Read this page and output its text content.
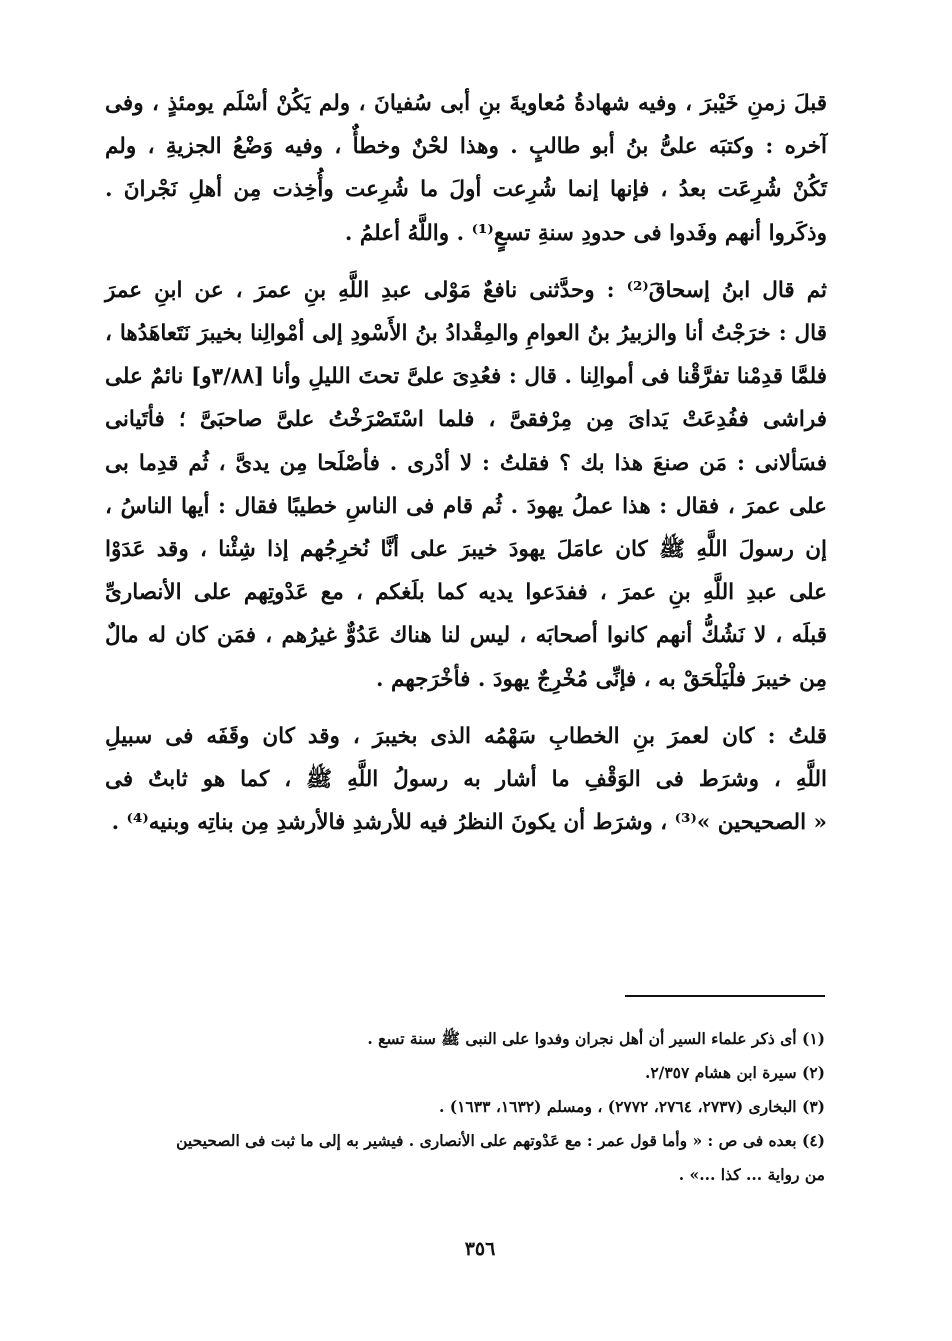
قبلَ زمنِ خَيْبرَ ، وفيه شهادةُ مُعاويةَ بنِ أبى سُفيانَ ، ولم يَكُنْ أسْلَم يومئذٍ ، وفى
آخره : وكتبَه علىُّ بنُ أبو طالبٍ . وهذا لحْنٌ وخطأٌ ، وفيه وَضْعُ الجزيةِ ، ولم
تَكُنْ شُرِعَت بعدُ ، فإنها إنما شُرِعت أولَ ما شُرِعت وأُخِذت مِن أهلِ نَجْرانَ .
وذكَروا أنهم وفَدوا فى حدودِ سنةِ تسعٍ⁽¹⁾ . واللَّهُ أعلمُ .

ثم قال ابنُ إسحاقَ⁽²⁾ : وحدَّثنى نافعٌ مَوْلى عبدِ اللَّهِ بنِ عمرَ ، عن ابنِ عمرَ
قال : خرَجْتُ أنا والزبيرُ بنُ العوامِ والمِقْدادُ بنُ الأَسْودِ إلى أمْوالِنا بخيبرَ نَتَعاهَدُها ،
فلمَّا قدِمْنا تفرَّقْنا فى أموالِنا . قال : فعُدِىَ علىَّ تحتَ الليلِ وأنا [٣/٨٨و] نائمٌ على
فراشى ففُدِعَتْ يَداىَ مِن مِرْفقىَّ ، فلما اسْتَصْرَخْتُ علىَّ صاحبَىَّ ؛ فأتَيانى
فسَألانى : مَن صنعَ هذا بك ؟ فقلتُ : لا أدْرى . فأصْلَحا مِن يدىَّ ، ثُم قدِما بى
على عمرَ ، فقال : هذا عملُ يهودَ . ثُم قام فى الناسِ خطيبًا فقال : أيها الناسُ ،
إن رسولَ اللَّهِ ﷺ كان عامَلَ يهودَ خيبرَ على أنَّا نُخرِجُهم إذا شِئْنا ، وقد عَدَوْا
على عبدِ اللَّهِ بنِ عمرَ ، ففدَعوا يديه كما بلَغكم ، مع عَدْوتِهم على الأنصارىِّ
قبلَه ، لا نَشُكُّ أنهم كانوا أصحابَه ، ليس لنا هناك عَدُوٌّ غيرُهم ، فمَن كان له مالٌ
مِن خيبرَ فلْيَلْحَقْ به ، فإنِّى مُخْرِجٌ يهودَ . فأخْرَجهم .

قلتُ : كان لعمرَ بنِ الخطابِ سَهْمُه الذى بخيبرَ ، وقد كان وقَفَه فى سبيلِ
اللَّهِ ، وشرَط فى الوَقْفِ ما أشار به رسولُ اللَّهِ ﷺ ، كما هو ثابتٌ فى
« الصحيحين »⁽³⁾ ، وشرَط أن يكونَ النظرُ فيه للأرشدِ فالأرشدِ مِن بناتِه وبنيه⁽⁴⁾ .

(١) أى ذكر علماء السير أن أهل نجران وفدوا على النبى ﷺ سنة تسع .
(٢) سيرة ابن هشام ٢/٣٥٧.
(٣) البخارى (٢٧٣٧، ٢٧٦٤، ٢٧٧٢) ، ومسلم (١٦٣٢، ١٦٣٣) .
(٤) بعده فى ص : « وأما قول عمر : مع عَدْوتهم على الأنصارى . فيشير به إلى ما ثبت فى الصحيحين
من رواية ... كذا ...» .
٣٥٦
